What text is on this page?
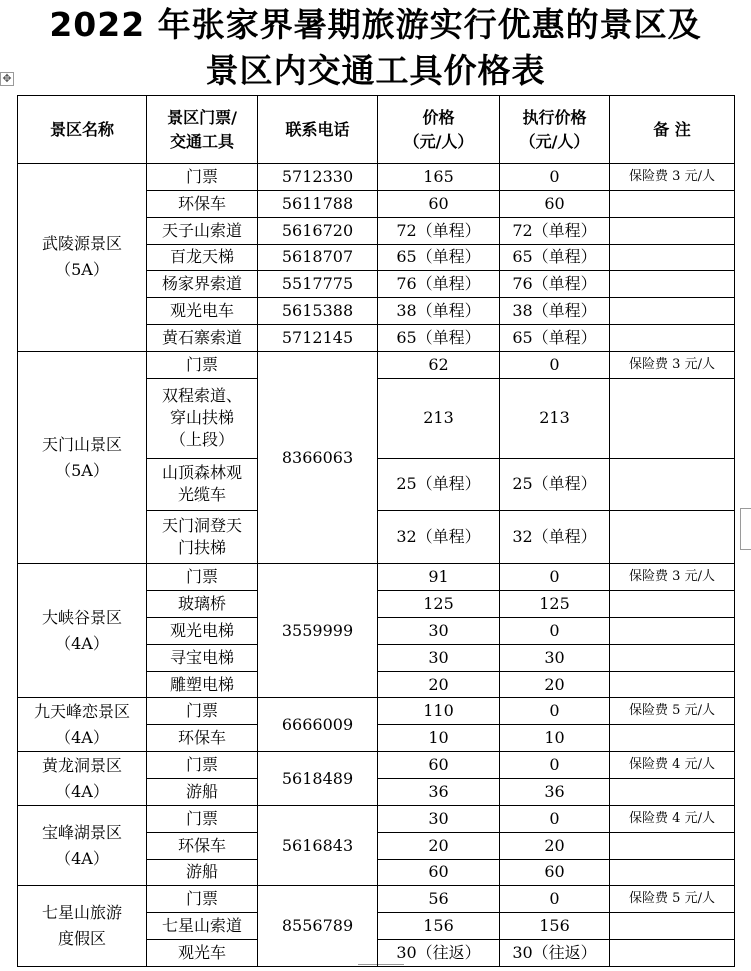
2022 年张家界暑期旅游实行优惠的景区及
景区内交通工具价格表
✥
景区名称	景区门票/
交通工具	联系电话	价格
（元/人）	执行价格
（元/人）	备 注
武陵源景区
（5A）	门票	5712330	165	0	保险费 3 元/人
	环保车	5611788	60	60	
	天子山索道	5616720	72（单程）	72（单程）	
	百龙天梯	5618707	65（单程）	65（单程）	
	杨家界索道	5517775	76（单程）	76（单程）	
	观光电车	5615388	38（单程）	38（单程）	
	黄石寨索道	5712145	65（单程）	65（单程）	
天门山景区
（5A）	门票	8366063	62	0	保险费 3 元/人
	双程索道、
穿山扶梯
（上段）		213	213	
	山顶森林观
光缆车		25（单程）	25（单程）	
	天门洞登天
门扶梯		32（单程）	32（单程）	
大峡谷景区
（4A）	门票	3559999	91	0	保险费 3 元/人
	玻璃桥		125	125	
	观光电梯		30	0	
	寻宝电梯		30	30	
	雕塑电梯		20	20	
九天峰恋景区
（4A）	门票	6666009	110	0	保险费 5 元/人
	环保车		10	10	
黄龙洞景区
（4A）	门票	5618489	60	0	保险费 4 元/人
	游船		36	36	
宝峰湖景区
（4A）	门票	5616843	30	0	保险费 4 元/人
	环保车		20	20	
	游船		60	60	
七星山旅游
度假区	门票	8556789	56	0	保险费 5 元/人
	七星山索道		156	156	
	观光车		30（往返）	30（往返）	
